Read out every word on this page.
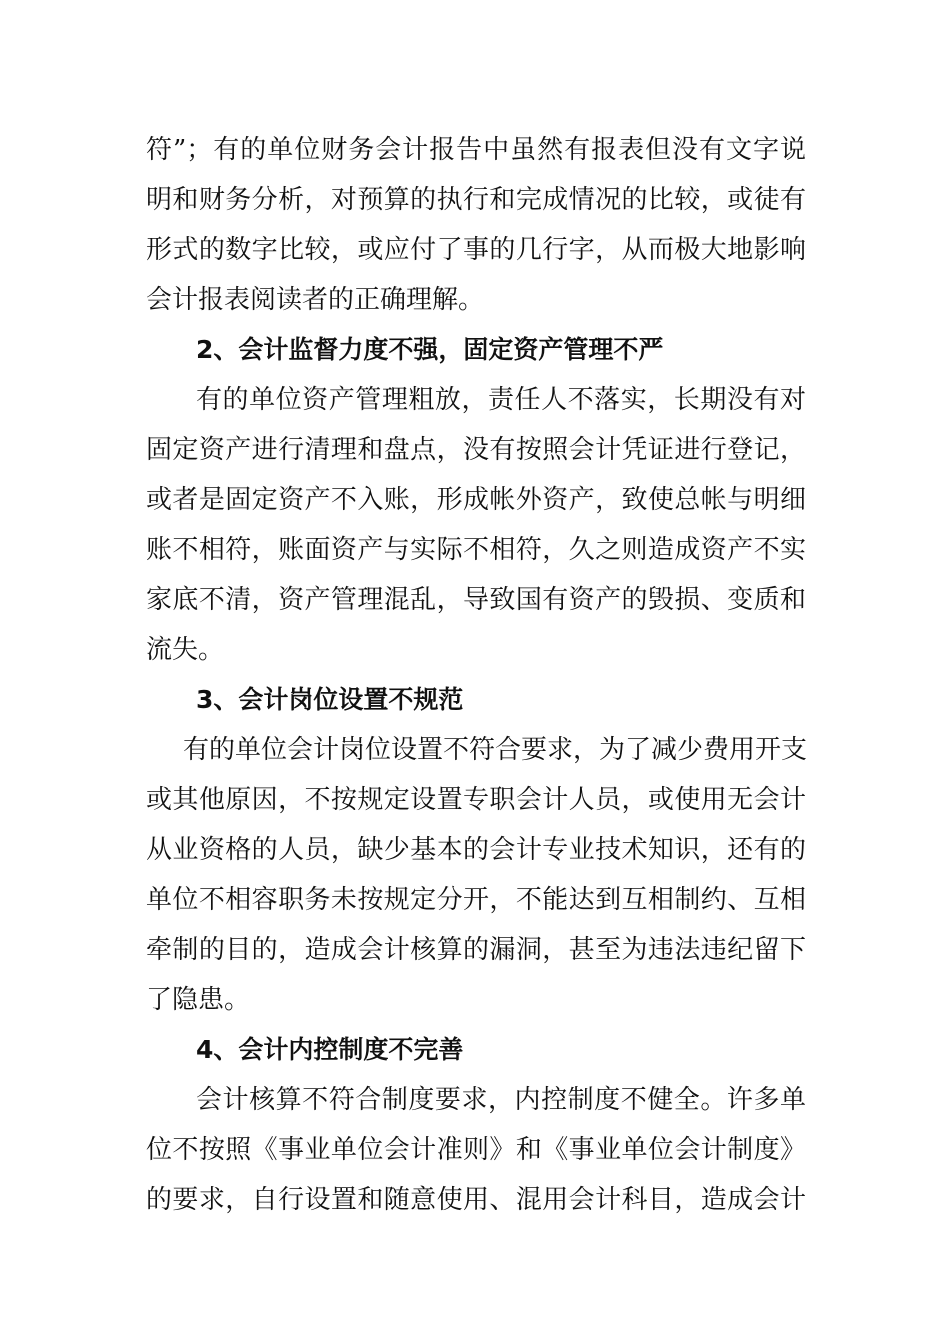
符”；有的单位财务会计报告中虽然有报表但没有文字说
明和财务分析，对预算的执行和完成情况的比较，或徒有
形式的数字比较，或应付了事的几行字，从而极大地影响
会计报表阅读者的正确理解。
2、会计监督力度不强，固定资产管理不严
有的单位资产管理粗放，责任人不落实，长期没有对
固定资产进行清理和盘点，没有按照会计凭证进行登记，
或者是固定资产不入账，形成帐外资产，致使总帐与明细
账不相符，账面资产与实际不相符，久之则造成资产不实
家底不清，资产管理混乱，导致国有资产的毁损、变质和
流失。
3、会计岗位设置不规范
有的单位会计岗位设置不符合要求，为了减少费用开支
或其他原因，不按规定设置专职会计人员，或使用无会计
从业资格的人员，缺少基本的会计专业技术知识，还有的
单位不相容职务未按规定分开，不能达到互相制约、互相
牵制的目的，造成会计核算的漏洞，甚至为违法违纪留下
了隐患。
4、会计内控制度不完善
会计核算不符合制度要求，内控制度不健全。许多单
位不按照《事业单位会计准则》和《事业单位会计制度》
的要求，自行设置和随意使用、混用会计科目，造成会计
